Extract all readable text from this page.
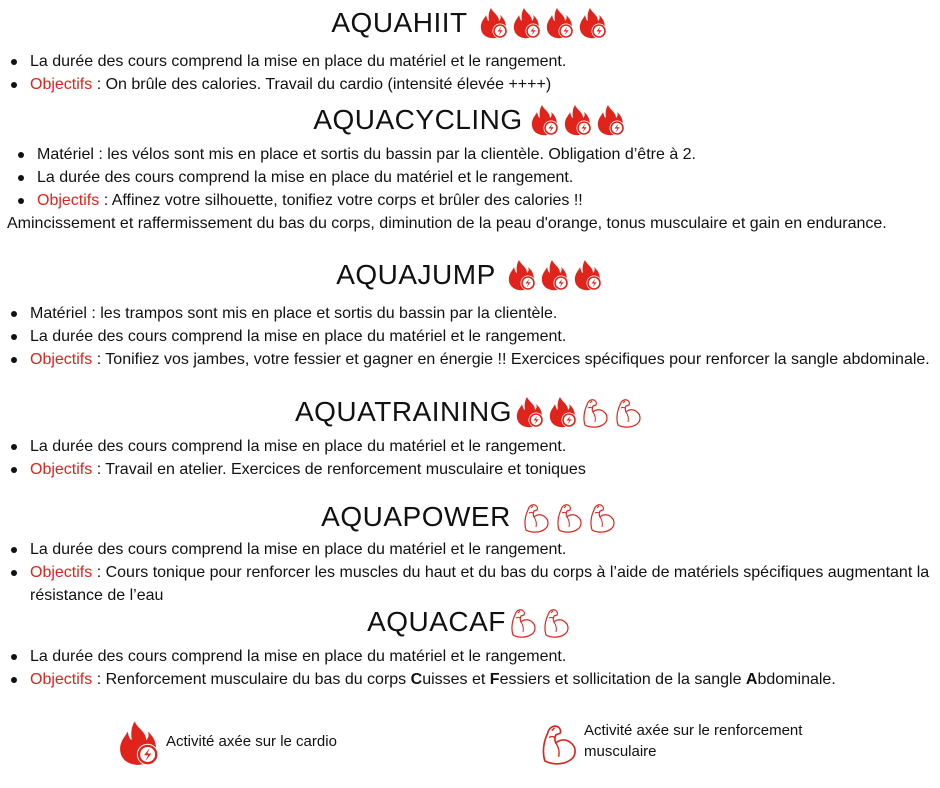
AQUAHIIT
La durée des cours comprend la mise en place du matériel et le rangement.
Objectifs : On brûle des calories. Travail du cardio (intensité élevée ++++)
AQUACYCLING
Matériel : les vélos sont mis en place et sortis du bassin par la clientèle. Obligation d’être à 2.
La durée des cours comprend la mise en place du matériel et le rangement.
Objectifs : Affinez votre silhouette, tonifiez votre corps et brûler des calories !!
Amincissement et raffermissement du bas du corps, diminution de la peau d'orange, tonus musculaire et gain en endurance.
AQUAJUMP
Matériel : les trampos sont mis en place et sortis du bassin par la clientèle.
La durée des cours comprend la mise en place du matériel et le rangement.
Objectifs : Tonifiez vos jambes, votre fessier et gagner en énergie !! Exercices spécifiques pour renforcer la sangle abdominale.
AQUATRAINING
La durée des cours comprend la mise en place du matériel et le rangement.
Objectifs : Travail en atelier. Exercices de renforcement musculaire et toniques
AQUAPOWER
La durée des cours comprend la mise en place du matériel et le rangement.
Objectifs : Cours tonique pour renforcer les muscles du haut et du bas du corps à l’aide de matériels spécifiques augmentant la résistance de l’eau
AQUACAF
La durée des cours comprend la mise en place du matériel et le rangement.
Objectifs : Renforcement musculaire du bas du corps Cuisses et Fessiers et sollicitation de la sangle Abdominale.
Activité axée sur le cardio
Activité axée sur le renforcement
musculaire
